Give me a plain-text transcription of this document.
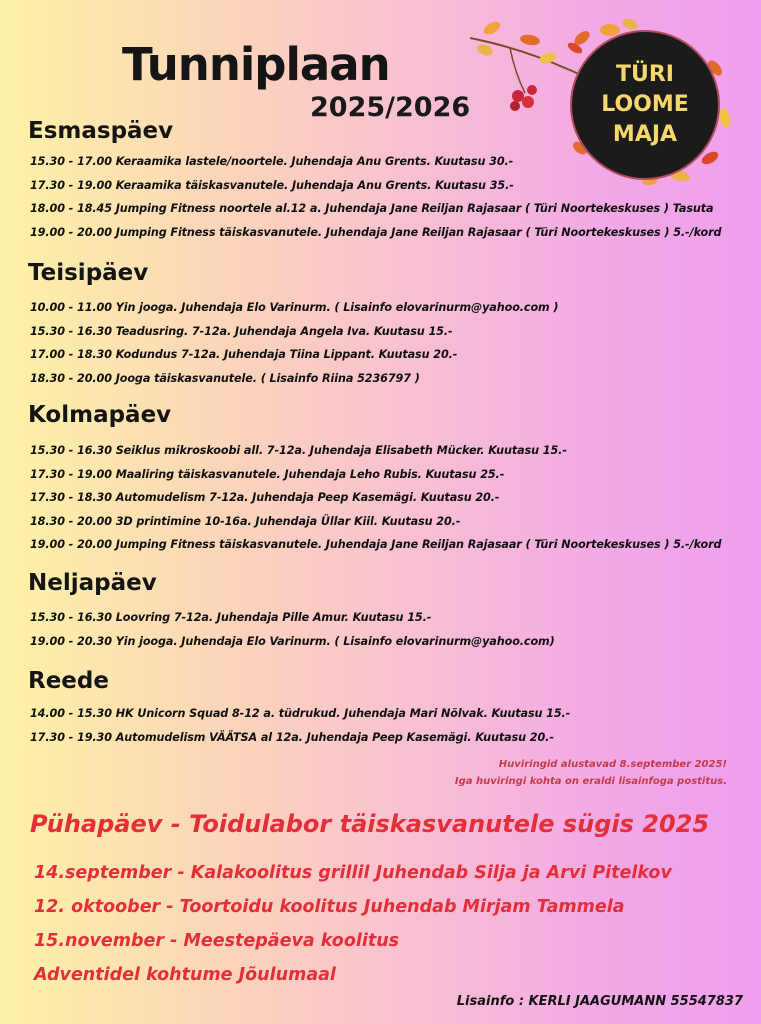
Tunniplaan
2025/2026
TÜRI
LOOME
MAJA
Esmaspäev
15.30 - 17.00 Keraamika lastele/noortele. Juhendaja Anu Grents. Kuutasu 30.-
17.30 - 19.00 Keraamika täiskasvanutele. Juhendaja Anu Grents. Kuutasu 35.-
18.00 - 18.45 Jumping Fitness noortele al.12 a. Juhendaja Jane Reiljan Rajasaar ( Türi Noortekeskuses ) Tasuta
19.00 - 20.00 Jumping Fitness täiskasvanutele. Juhendaja Jane Reiljan Rajasaar ( Türi Noortekeskuses ) 5.-/kord
Teisipäev
10.00 - 11.00 Yin jooga. Juhendaja Elo Varinurm. ( Lisainfo elovarinurm@yahoo.com )
15.30 - 16.30 Teadusring. 7-12a. Juhendaja Angela Iva. Kuutasu 15.-
17.00 - 18.30 Kodundus 7-12a. Juhendaja Tiina Lippant. Kuutasu 20.-
18.30 - 20.00 Jooga täiskasvanutele. ( Lisainfo Riina 5236797 )
Kolmapäev
15.30 - 16.30 Seiklus mikroskoobi all. 7-12a. Juhendaja Elisabeth Mücker. Kuutasu 15.-
17.30 - 19.00 Maaliring täiskasvanutele. Juhendaja Leho Rubis. Kuutasu 25.-
17.30 - 18.30 Automudelism 7-12a. Juhendaja Peep Kasemägi. Kuutasu 20.-
18.30 - 20.00 3D printimine 10-16a. Juhendaja Üllar Kiil. Kuutasu 20.-
19.00 - 20.00 Jumping Fitness täiskasvanutele. Juhendaja Jane Reiljan Rajasaar ( Türi Noortekeskuses ) 5.-/kord
Neljapäev
15.30 - 16.30 Loovring 7-12a. Juhendaja Pille Amur. Kuutasu 15.-
19.00 - 20.30 Yin jooga. Juhendaja Elo Varinurm. ( Lisainfo elovarinurm@yahoo.com)
Reede
14.00 - 15.30 HK Unicorn Squad 8-12 a. tüdrukud. Juhendaja Mari Nõlvak. Kuutasu 15.-
17.30 - 19.30 Automudelism VÄÄTSA al 12a. Juhendaja Peep Kasemägi. Kuutasu 20.-
Huviringid alustavad 8.september 2025!
Iga huviringi kohta on eraldi lisainfoga postitus.
Pühapäev - Toidulabor täiskasvanutele sügis 2025
14.september - Kalakoolitus grillil Juhendab Silja ja Arvi Pitelkov
12. oktoober - Toortoidu koolitus Juhendab Mirjam Tammela
15.november - Meestepäeva koolitus
Adventidel kohtume Jõulumaal
Lisainfo : KERLI JAAGUMANN 55547837
